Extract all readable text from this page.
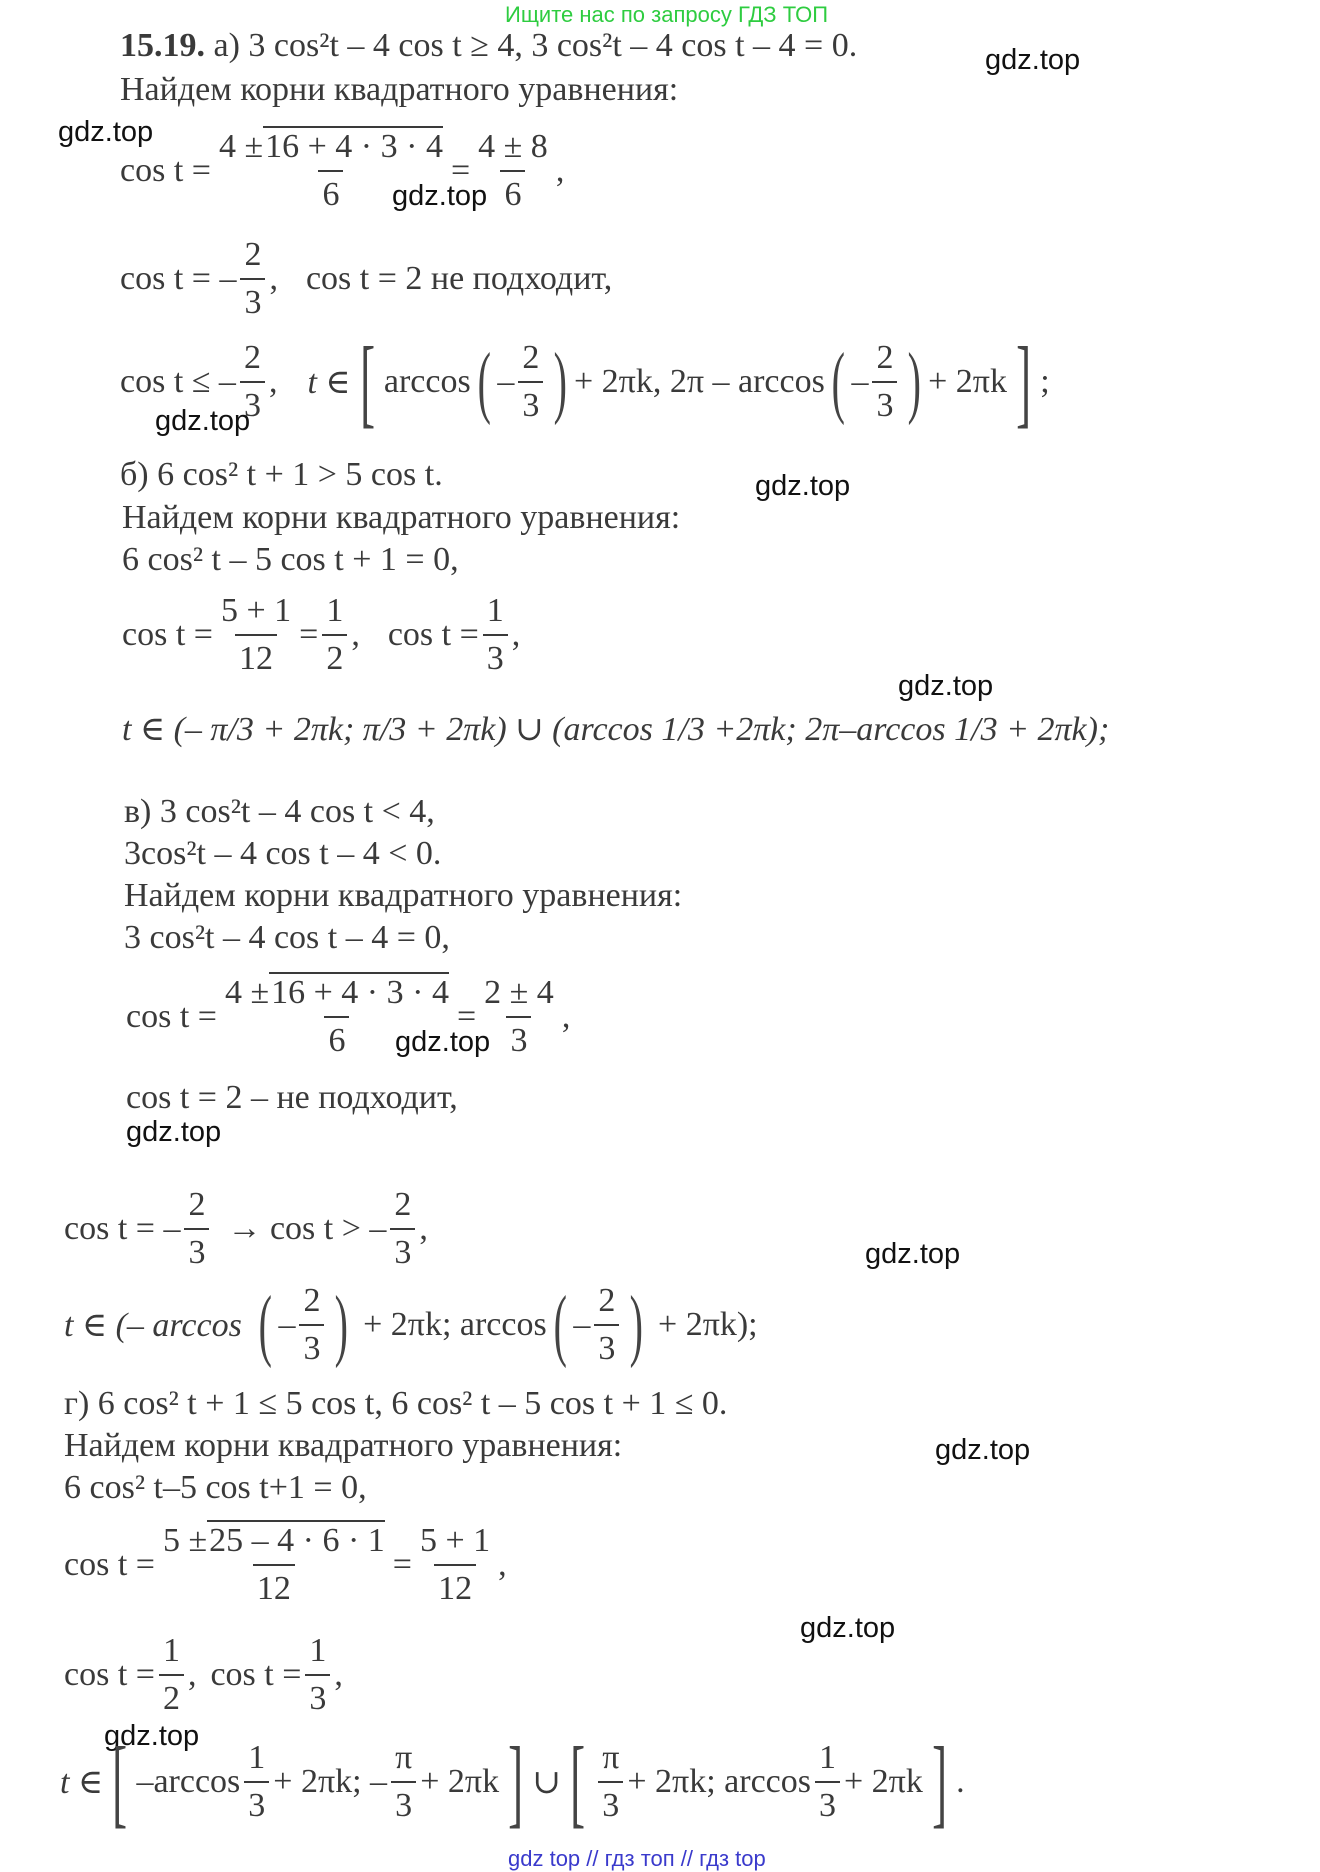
Ищите нас по запросу ГДЗ ТОП
15.19. а) 3 cos²t – 4 cos t ≥ 4, 3 cos²t – 4 cos t – 4 = 0.	gdz.top
Найдем корни квадратного уравнения:
gdz.top
$\cos t = \frac{4 \pm 16 + 4 \cdot 3 \cdot 4}{6} = \frac{4 \pm 8}{6}$ ,
gdz.top
cos t = – $\frac{2}{3}$ , cos t = 2 не подходит,
cos t ≤ – $\frac{2}{3}$ , t ∈ [ arccos ( – $\frac{2}{3}$ ) + 2πk, 2π – arccos ( – $\frac{2}{3}$ ) + 2πk ] ;
gdz.top
б) 6 cos² t + 1 > 5 cos t.	gdz.top
Найдем корни квадратного уравнения:
6 cos² t – 5 cos t + 1 = 0,
$\cos t = \frac{5 + 1}{12} = \frac{1}{2}$ , $\cos t = \frac{1}{3}$ ,
gdz.top
t ∈ (– π/3 + 2πk; π/3 + 2πk) ∪ (arccos 1/3 +2πk; 2π–arccos 1/3 + 2πk);
в) 3 cos²t – 4 cos t < 4,
3cos²t – 4 cos t – 4 < 0.
Найдем корни квадратного уравнения:
3 cos²t – 4 cos t – 4 = 0,
$\cos t = \frac{4 \pm 16 + 4 \cdot 3 \cdot 4}{6} = \frac{2 \pm 4}{3}$ ,
gdz.top
cos t = 2 – не подходит,
gdz.top
cos t = – $\frac{2}{3} \to \cos t$ > – $\frac{2}{3}$ ,
gdz.top
t ∈ (– arccos ( – $\frac{2}{3}$ ) + 2πk; arccos ( – $\frac{2}{3}$ ) + 2πk);
г) 6 cos² t + 1 ≤ 5 cos t, 6 cos² t – 5 cos t + 1 ≤ 0.
Найдем корни квадратного уравнения:	gdz.top
6 cos² t–5 cos t+1 = 0,
$\cos t = \frac{5 \pm 25 - 4 \cdot 6 \cdot 1}{12} = \frac{5 + 1}{12}$ ,
gdz.top
$\cos t = \frac{1}{2}$ , $\cos t = \frac{1}{3}$ ,
gdz.top
t ∈ [ $-\arccos \frac{1}{3} + 2\pi k$; – $\frac{\pi}{3} + 2\pi k$ ] ∪ [ $\frac{\pi}{3} + 2\pi k$; $\arccos \frac{1}{3} + 2\pi k$ ] .
gdz top // гдз топ // гдз top
